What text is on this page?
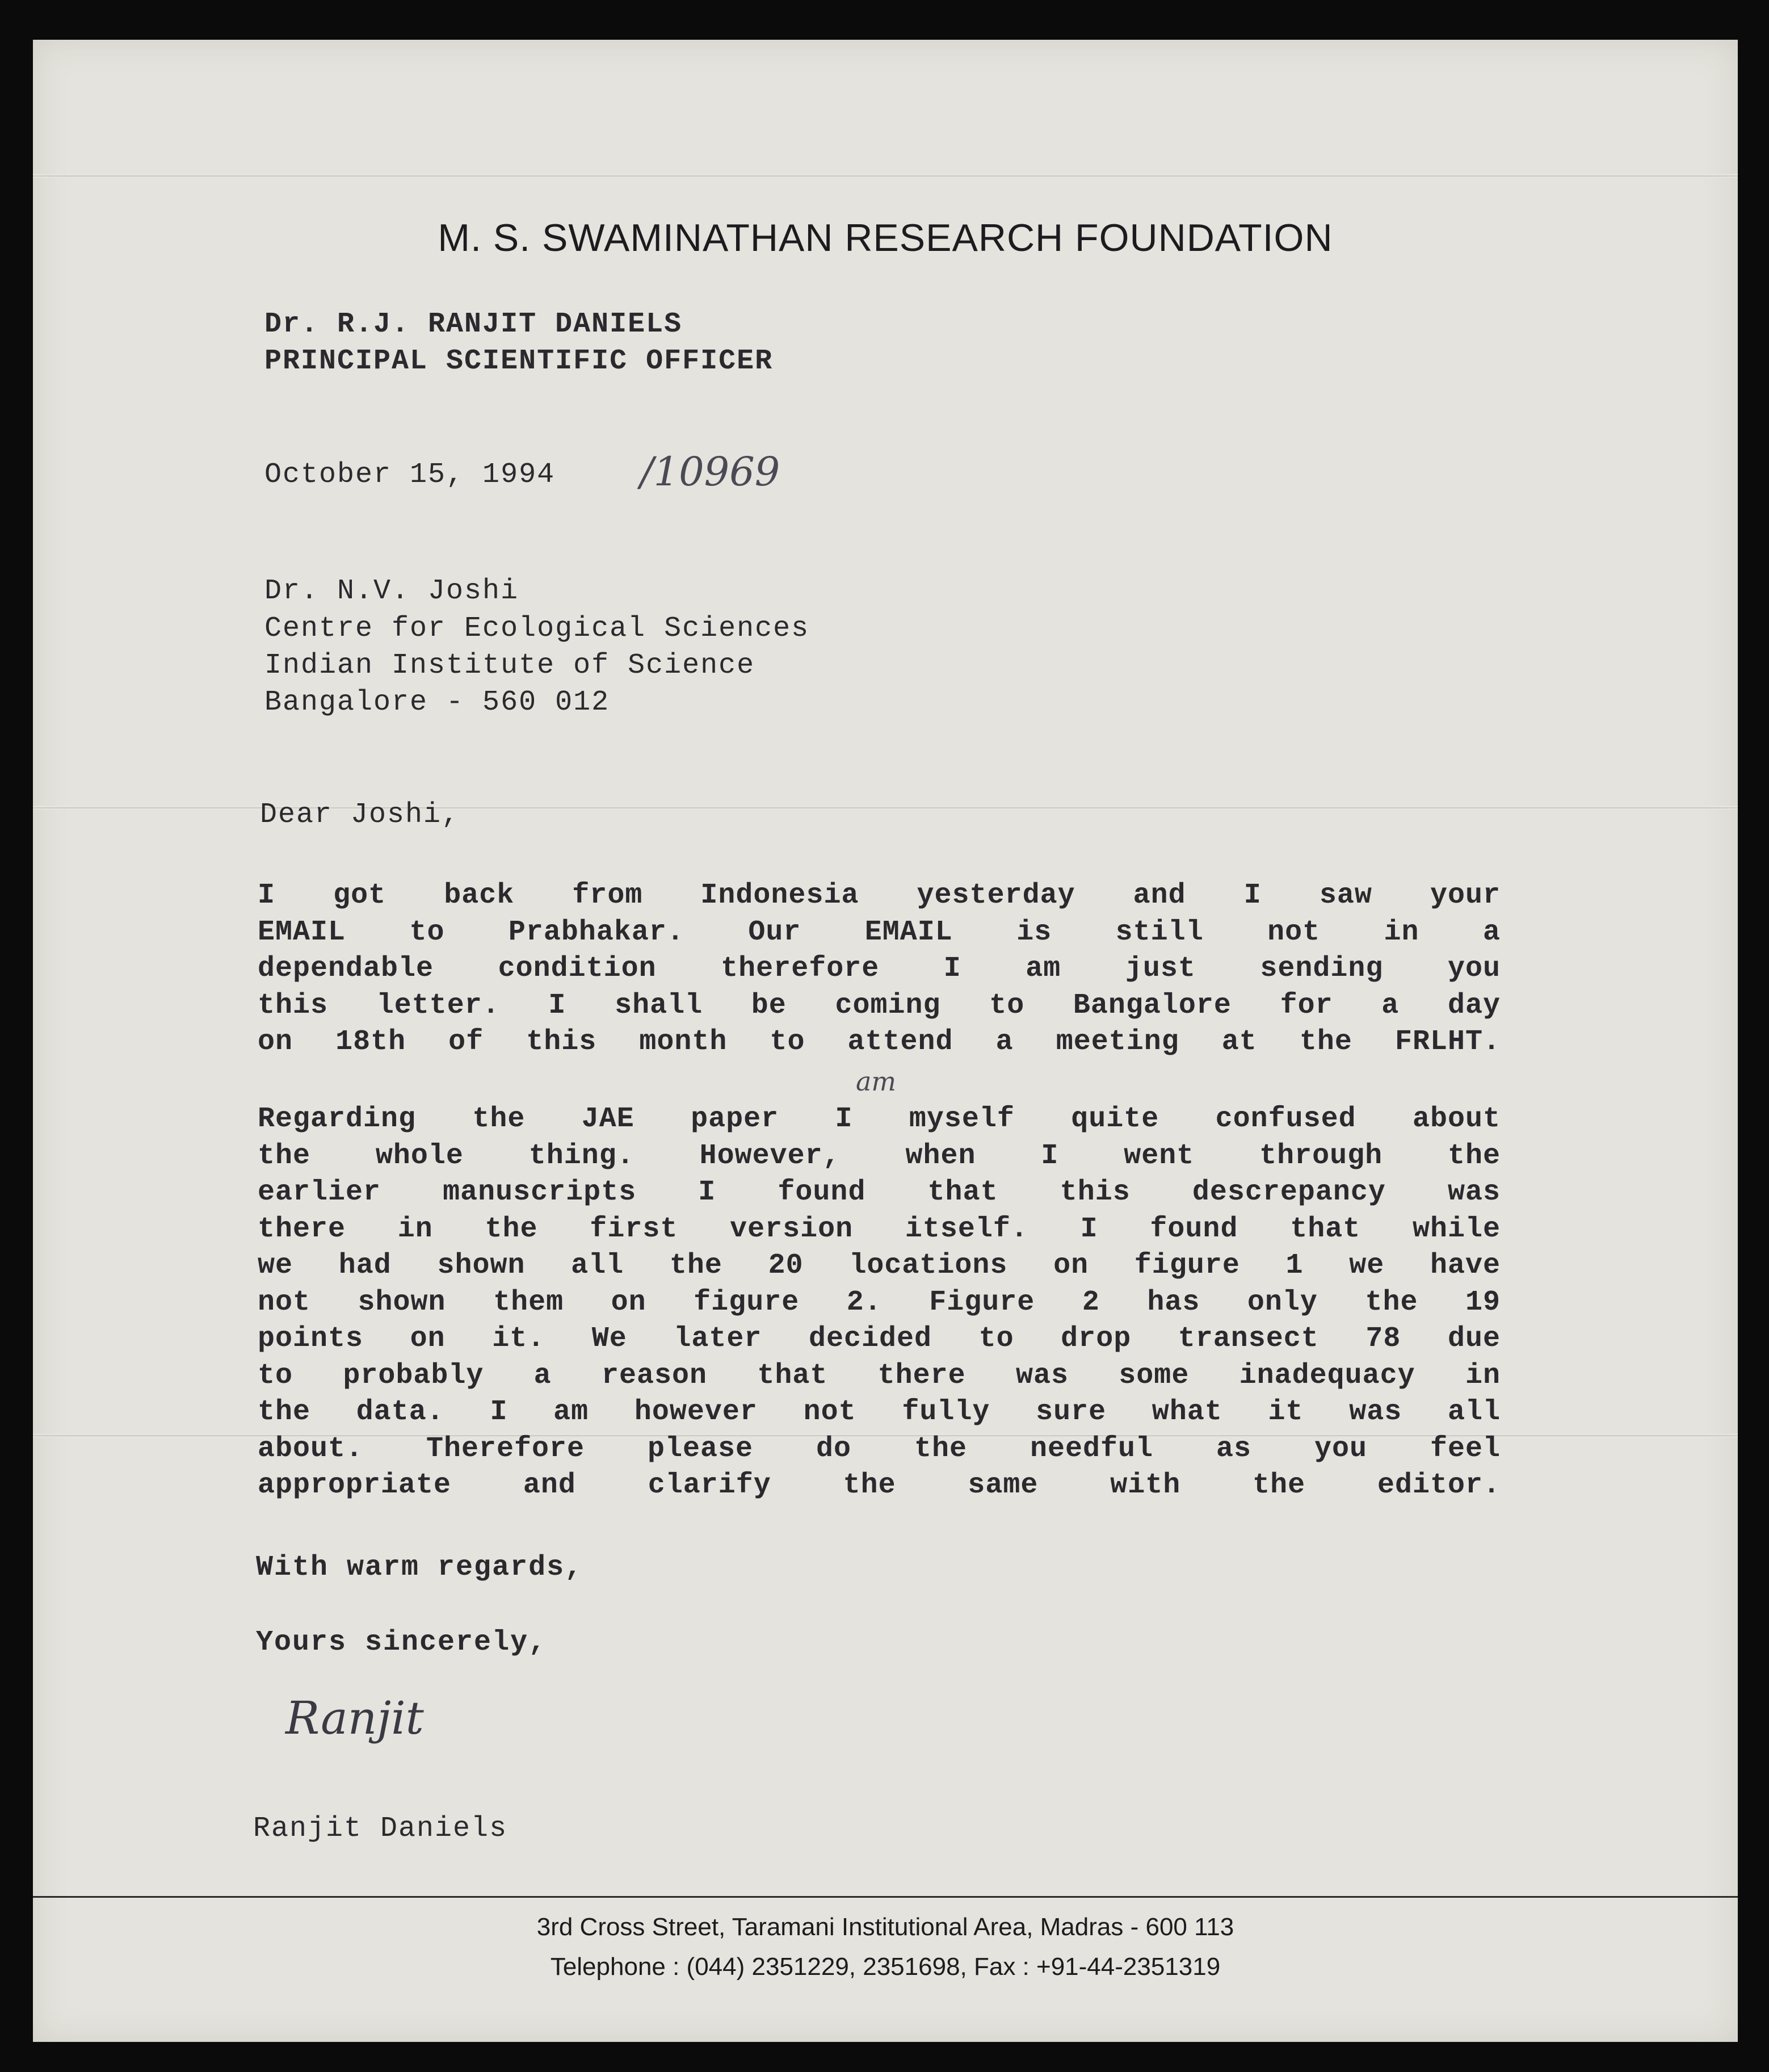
M. S. SWAMINATHAN RESEARCH FOUNDATION
Dr. R.J. RANJIT DANIELS
PRINCIPAL SCIENTIFIC OFFICER
October 15, 1994 /10969
Dr. N.V. Joshi
Centre for Ecological Sciences
Indian Institute of Science
Bangalore - 560 012
Dear Joshi,
I got back from Indonesia yesterday and I saw your
EMAIL to Prabhakar. Our EMAIL is still not in a
dependable condition therefore I am just sending you
this letter. I shall be coming to Bangalore for a day
on 18th of this month to attend a meeting at the FRLHT.
am
Regarding the JAE paper I myself quite confused about
the whole thing. However, when I went through the
earlier manuscripts I found that this descrepancy was
there in the first version itself. I found that while
we had shown all the 20 locations on figure 1 we have
not shown them on figure 2. Figure 2 has only the 19
points on it. We later decided to drop transect 78 due
to probably a reason that there was some inadequacy in
the data. I am however not fully sure what it was all
about. Therefore please do the needful as you feel
appropriate and clarify the same with the editor.
With warm regards,
Yours sincerely,
Ranjit
Ranjit Daniels
3rd Cross Street, Taramani Institutional Area, Madras - 600 113
Telephone : (044) 2351229, 2351698, Fax : +91-44-2351319
